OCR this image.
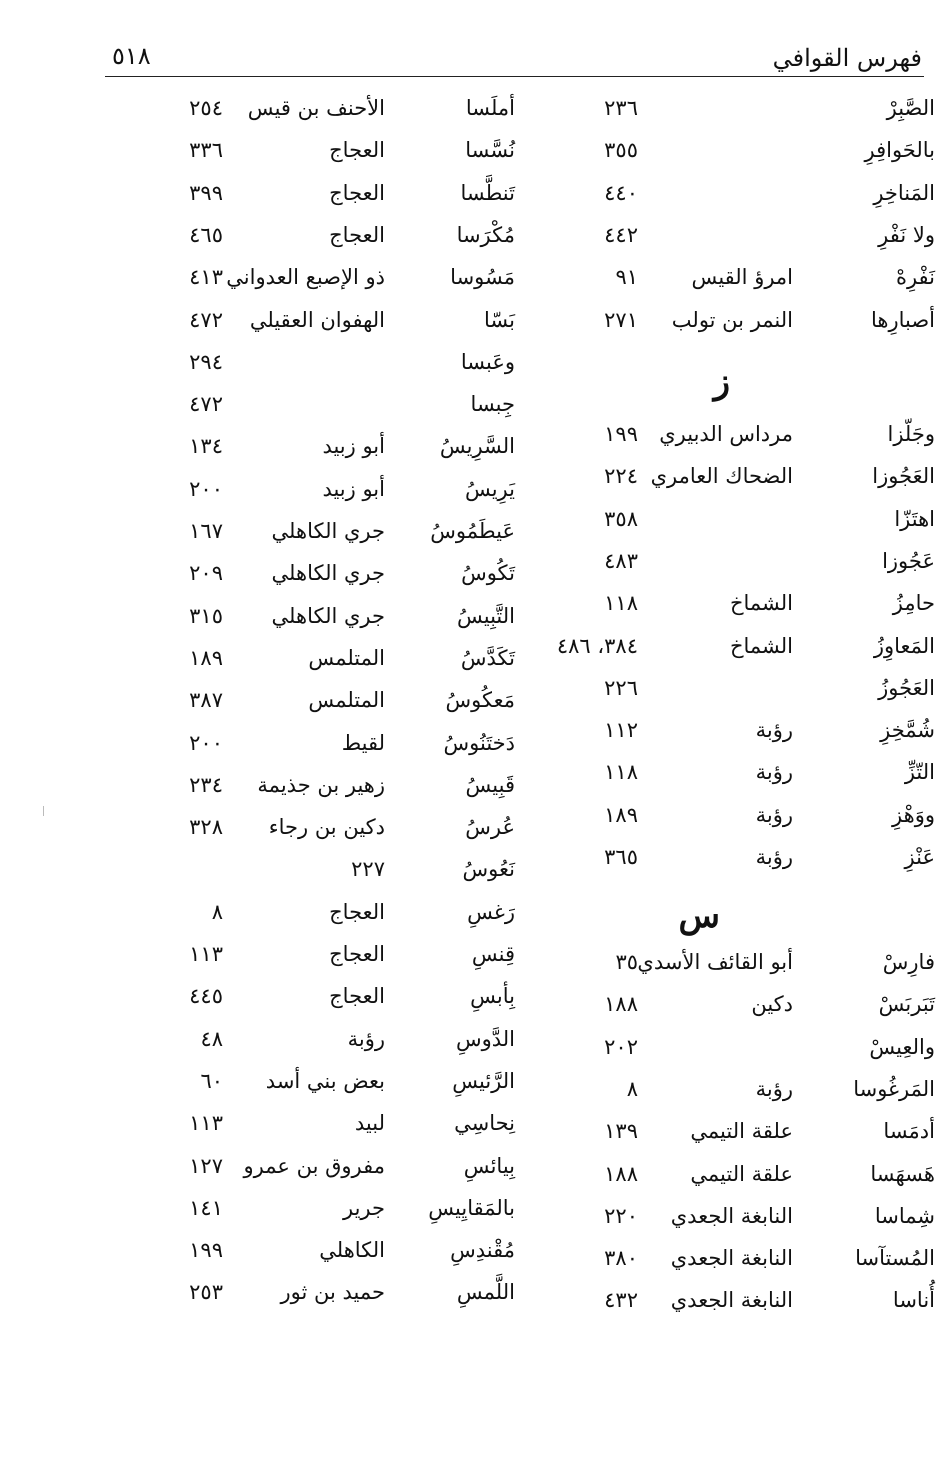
فهرس القوافي
٥١٨
الصَّبِرْ
٢٣٦
بالحَوافِرِ
٣٥٥
المَناخِرِ
٤٤٠
ولا نَفْرِ
٤٤٢
نَفْرِهْ
امرؤ القيس
٩١
أصبارِها
النمر بن تولب
٢٧١
ز
وجَلّزا
مرداس الدبيري
١٩٩
العَجُوزا
الضحاك العامري
٢٢٤
اهتَزّا
٣٥٨
عَجُوزا
٤٨٣
حامِزُ
الشماخ
١١٨
المَعاوِزُ
الشماخ
٣٨٤، ٤٨٦
العَجُوزُ
٢٢٦
شُمَّخِزِ
رؤبة
١١٢
التّزِّ
رؤبة
١١٨
ووَهْزِ
رؤبة
١٨٩
عَنْزِ
رؤبة
٣٦٥
س
فارِسْ
أبو القائف الأسدي
٣٥
تَبَربَسْ
دكين
١٨٨
والعِيسْ
٢٠٢
المَرغُوسا
رؤبة
٨
أدمَسا
علقة التيمي
١٣٩
هَسهَسا
علقة التيمي
١٨٨
شِماسا
النابغة الجعدي
٢٢٠
المُستآسا
النابغة الجعدي
٣٨٠
أُناسا
النابغة الجعدي
٤٣٢
أملَسا
الأحنف بن قيس
٢٥٤
نُسَّسا
العجاج
٣٣٦
تَنطَّسا
العجاج
٣٩٩
مُكْرَسا
العجاج
٤٦٥
مَسُوسا
ذو الإصبع العدواني
٤١٣
بَسّا
الهفوان العقيلي
٤٧٢
وعَبسا
٢٩٤
جِبسا
٤٧٢
السَّرِيسُ
أبو زبيد
١٣٤
يَرِيسُ
أبو زبيد
٢٠٠
عَيطَمُوسُ
جري الكاهلي
١٦٧
تَكُوسُ
جري الكاهلي
٢٠٩
التَّبِيسُ
جري الكاهلي
٣١٥
تَكَدَّسُ
المتلمس
١٨٩
مَعكُوسُ
المتلمس
٣٨٧
دَختَنُوسُ
لقيط
٢٠٠
قَبِيسُ
زهير بن جذيمة
٢٣٤
عُرسُ
دكين بن رجاء
٣٢٨
نَعُوسُ
٢٢٧
رَغسِ
العجاج
٨
قِنسِ
العجاج
١١٣
بِأبسِ
العجاج
٤٤٥
الدَّوسِ
رؤبة
٤٨
الرَّئيسِ
بعض بني أسد
٦٠
نِحاسِي
لبيد
١١٣
بِيائسِ
مفروق بن عمرو
١٢٧
بالمَقايِيسِ
جرير
١٤١
مُقْندِسِ
الكاهلي
١٩٩
اللَّمسِ
حميد بن ثور
٢٥٣
